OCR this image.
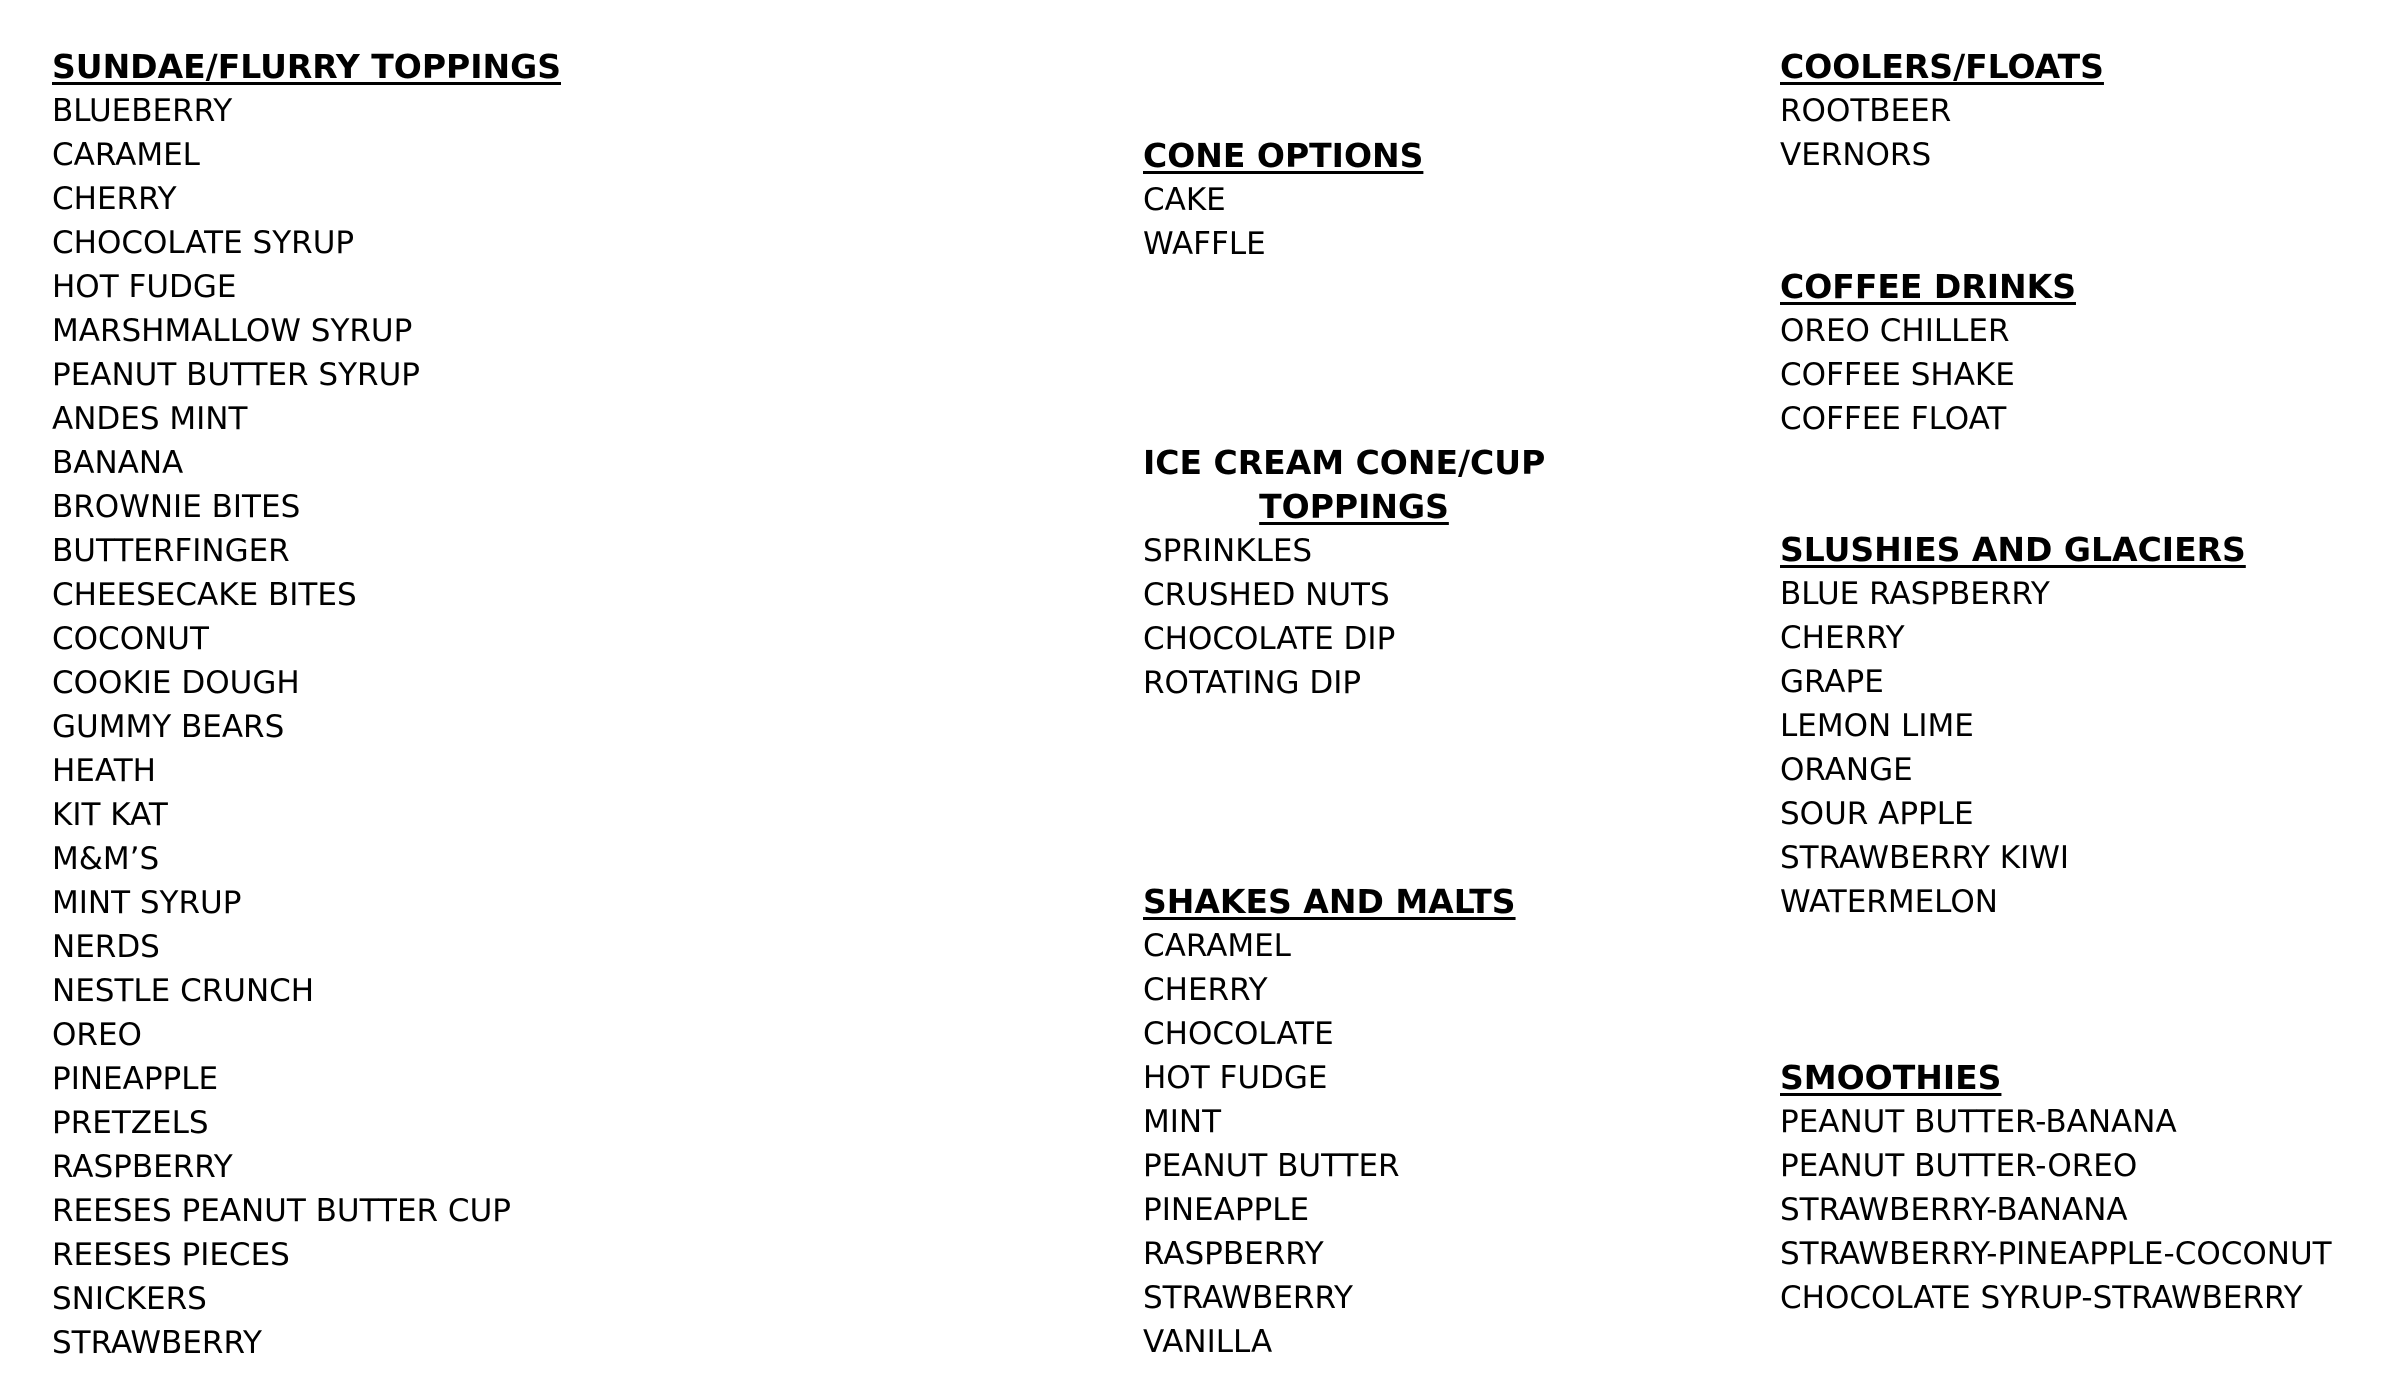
SUNDAE/FLURRY TOPPINGS
BLUEBERRY
CARAMEL
CHERRY
CHOCOLATE SYRUP
HOT FUDGE
MARSHMALLOW SYRUP
PEANUT BUTTER SYRUP
ANDES MINT
BANANA
BROWNIE BITES
BUTTERFINGER
CHEESECAKE BITES
COCONUT
COOKIE DOUGH
GUMMY BEARS
HEATH
KIT KAT
M&M’S
MINT SYRUP
NERDS
NESTLE CRUNCH
OREO
PINEAPPLE
PRETZELS
RASPBERRY
REESES PEANUT BUTTER CUP
REESES PIECES
SNICKERS
STRAWBERRY
CONE OPTIONS
CAKE
WAFFLE
ICE CREAM CONE/CUP
TOPPINGS
SPRINKLES
CRUSHED NUTS
CHOCOLATE DIP
ROTATING DIP
SHAKES AND MALTS
CARAMEL
CHERRY
CHOCOLATE
HOT FUDGE
MINT
PEANUT BUTTER
PINEAPPLE
RASPBERRY
STRAWBERRY
VANILLA
COOLERS/FLOATS
ROOTBEER
VERNORS
COFFEE DRINKS
OREO CHILLER
COFFEE SHAKE
COFFEE FLOAT
SLUSHIES AND GLACIERS
BLUE RASPBERRY
CHERRY
GRAPE
LEMON LIME
ORANGE
SOUR APPLE
STRAWBERRY KIWI
WATERMELON
SMOOTHIES
PEANUT BUTTER-BANANA
PEANUT BUTTER-OREO
STRAWBERRY-BANANA
STRAWBERRY-PINEAPPLE-COCONUT
CHOCOLATE SYRUP-STRAWBERRY
